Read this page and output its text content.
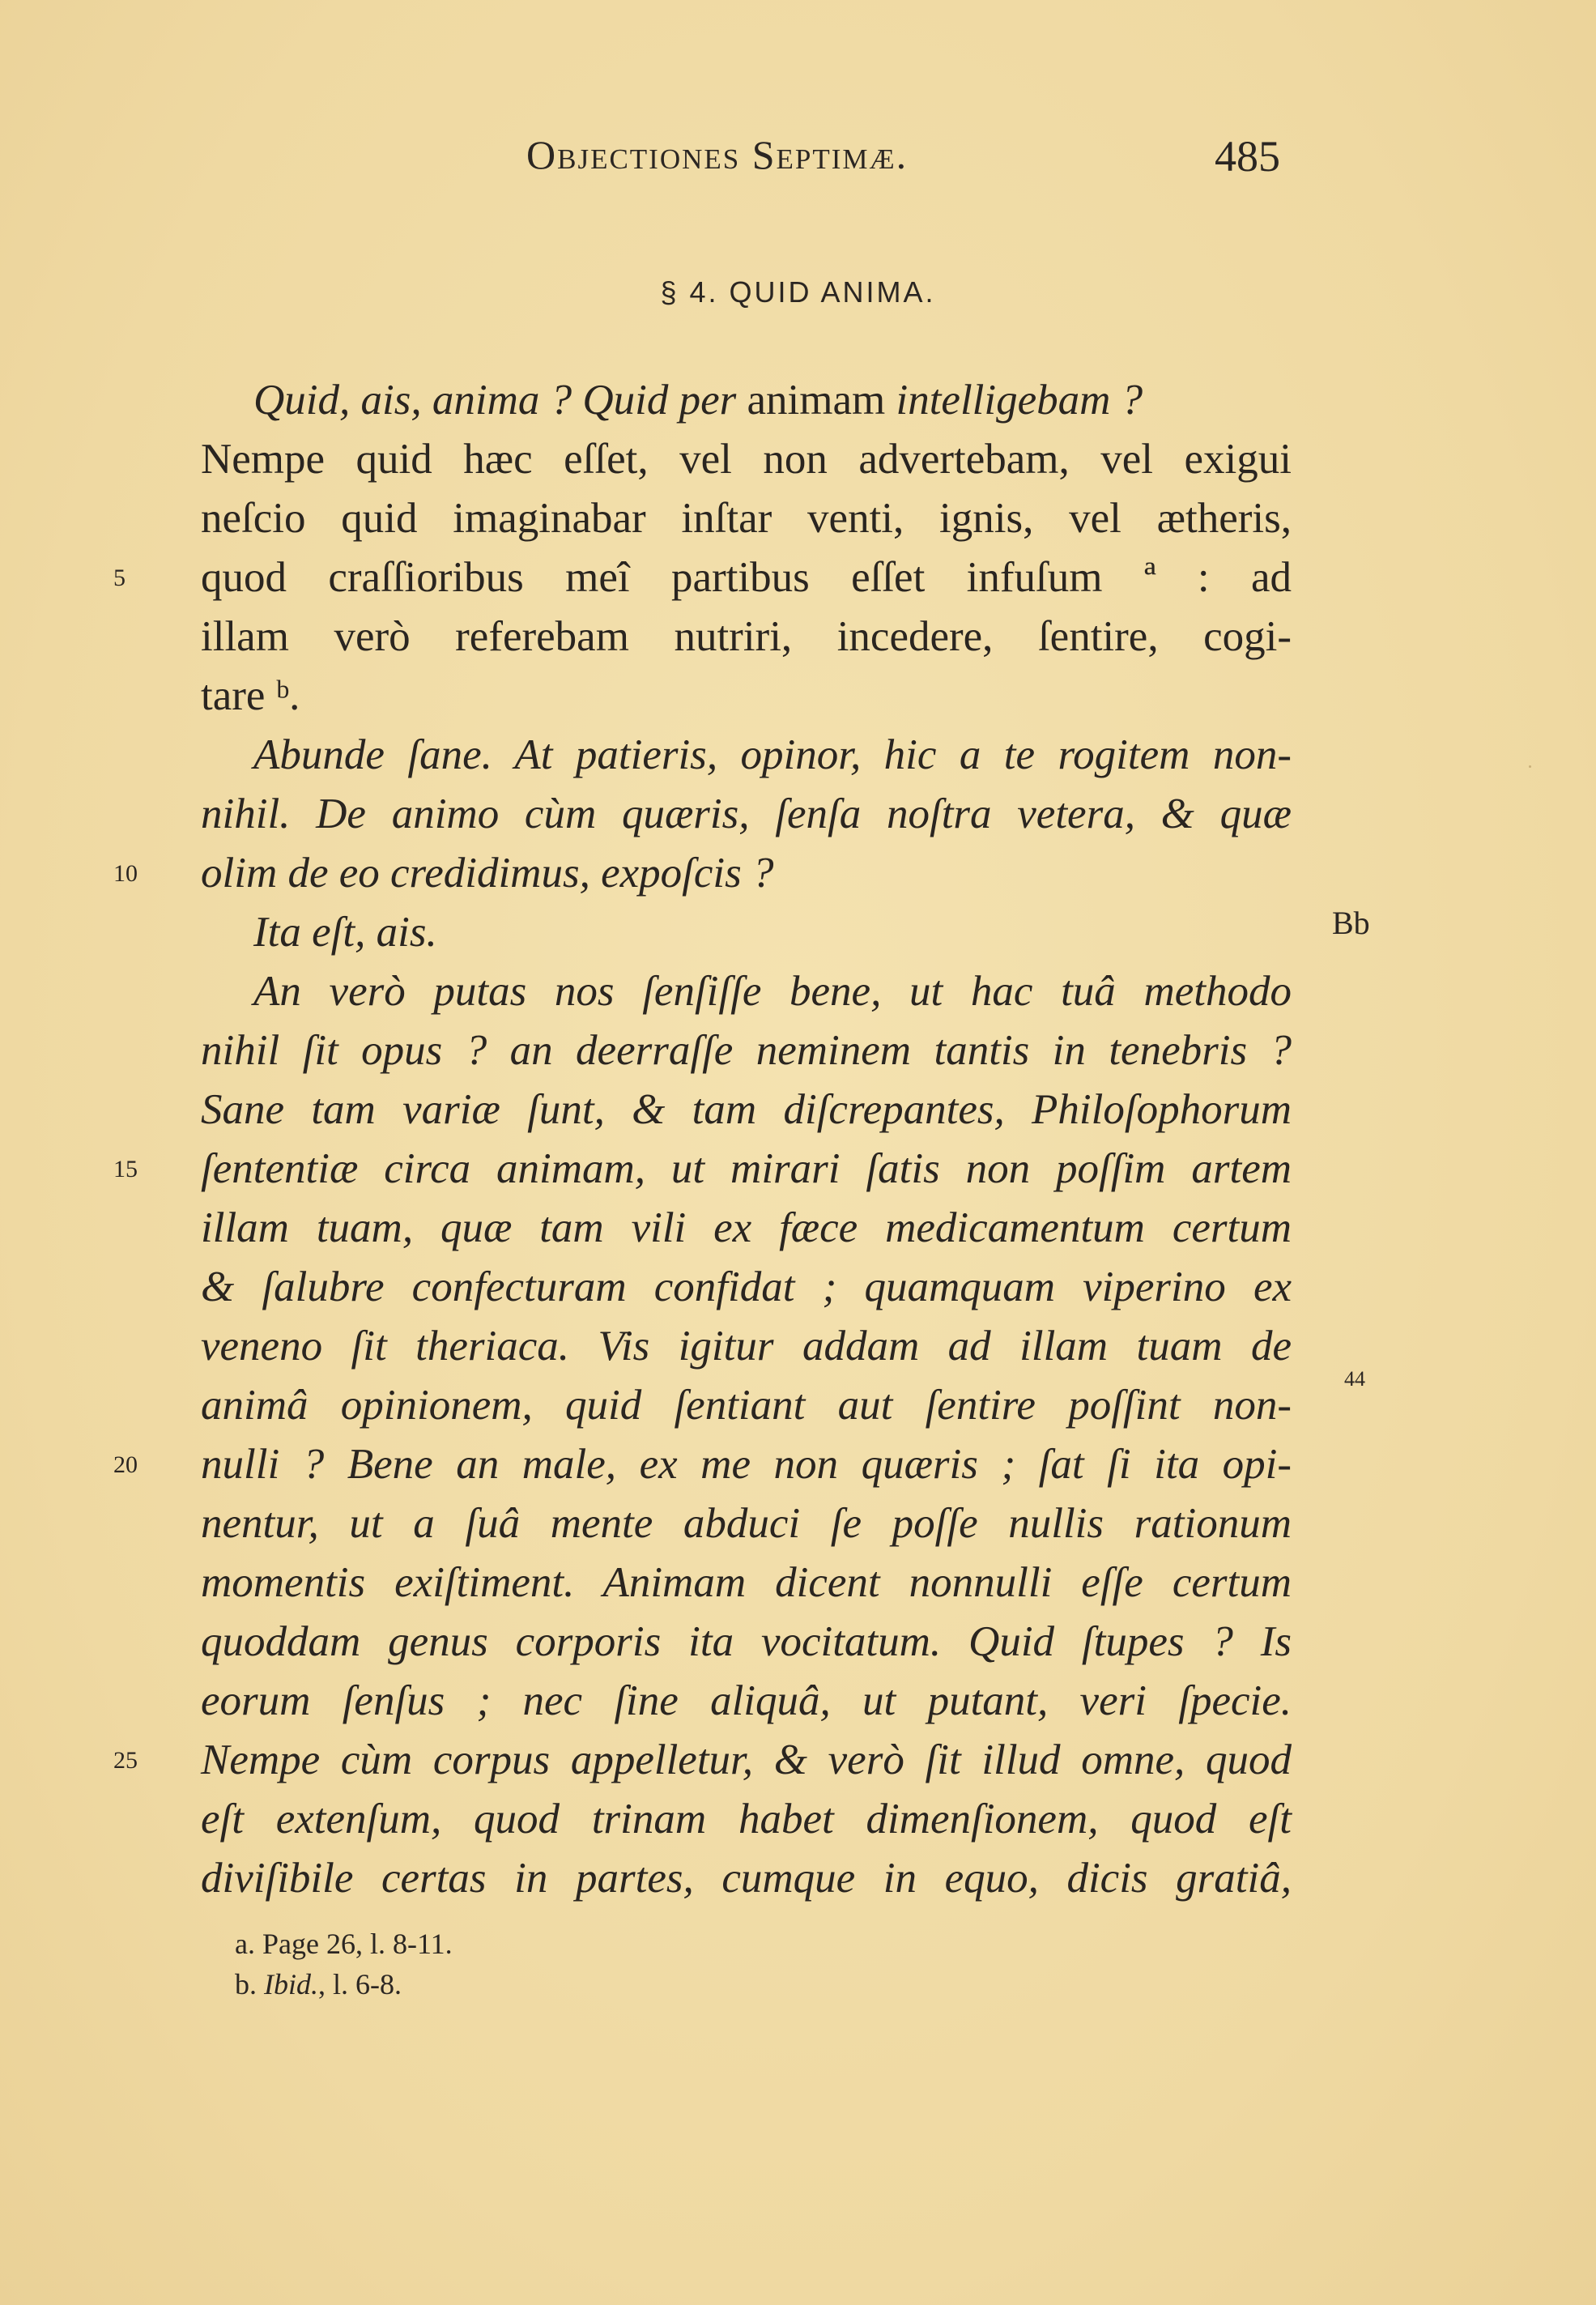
Objectiones Septimæ.	485
§ 4. QUID ANIMA.
Quid, ais, anima ? Quid per animam intelligebam ?
Nempe quid hæc eſſet, vel non advertebam, vel exigui
neſcio quid imaginabar inſtar venti, ignis, vel ætheris,
quod craſſioribus meî partibus eſſet infuſum ª : ad
illam verò referebam nutriri, incedere, ſentire, cogi-
tare ᵇ.
Abunde ſane. At patieris, opinor, hic a te rogitem non-
nihil. De animo cùm quæris, ſenſa noſtra vetera, & quæ
olim de eo credidimus, expoſcis ?
Ita eſt, ais.
An verò putas nos ſenſiſſe bene, ut hac tuâ methodo
nihil ſit opus ? an deerraſſe neminem tantis in tenebris ?
Sane tam variæ ſunt, & tam diſcrepantes, Philoſophorum
ſententiæ circa animam, ut mirari ſatis non poſſim artem
illam tuam, quæ tam vili ex fæce medicamentum certum
& ſalubre confecturam confidat ; quamquam viperino ex
veneno ſit theriaca. Vis igitur addam ad illam tuam de
animâ opinionem, quid ſentiant aut ſentire poſſint non-
nulli ? Bene an male, ex me non quæris ; ſat ſi ita opi-
nentur, ut a ſuâ mente abduci ſe poſſe nullis rationum
momentis exiſtiment. Animam dicent nonnulli eſſe certum
quoddam genus corporis ita vocitatum. Quid ſtupes ? Is
eorum ſenſus ; nec ſine aliquâ, ut putant, veri ſpecie.
Nempe cùm corpus appelletur, & verò ſit illud omne, quod
eſt extenſum, quod trinam habet dimenſionem, quod eſt
diviſibile certas in partes, cumque in equo, dicis gratiâ,
5
10
15
20
25
Bb
44
a. Page 26, l. 8-11.
b. Ibid., l. 6-8.
